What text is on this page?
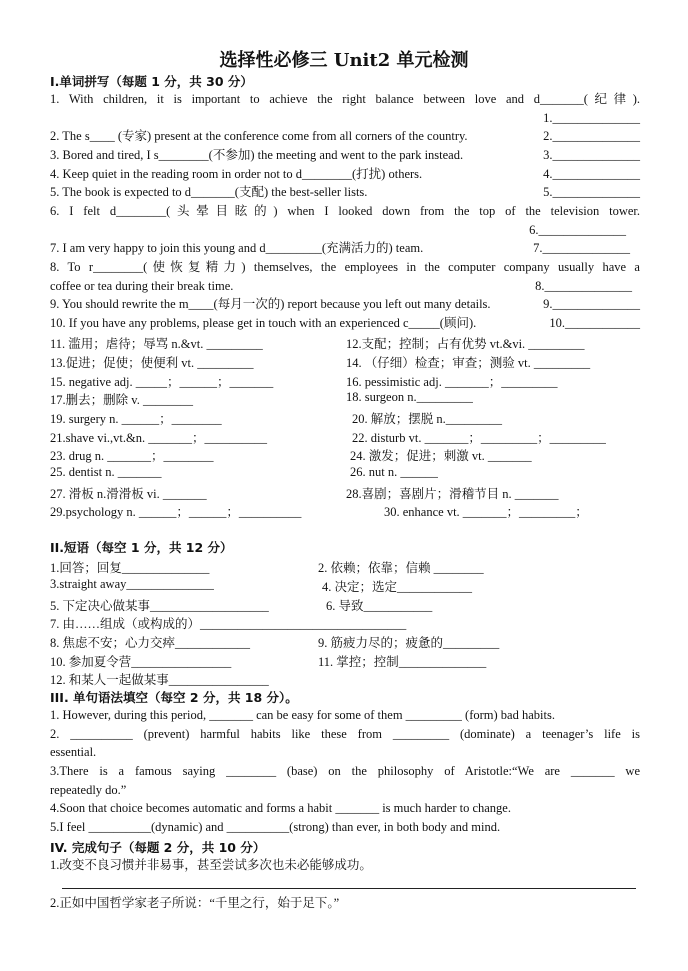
选择性必修三 Unit2 单元检测
I.单词拼写（每题 1 分，共 30 分）
1. With children, it is important to achieve the right balance between love and d_______(纪律).
1.______________
2. The s____ (专家) present at the conference come from all corners of the country.	2.______________
3. Bored and tired, I s________(不参加) the meeting and went to the park instead.	3.______________
4. Keep quiet in the reading room in order not to d________(打扰) others.	4.______________
5. The book is expected to d_______(支配) the best-seller lists.	5.______________
6. I felt d________(头晕目眩的) when I looked down from the top of the television tower.
6.______________
7. I am very happy to join this young and d_________(充满活力的) team.	7.______________
8. To r________(使恢复精力) themselves, the employees in the computer company usually have a
coffee or tea during their break time.	8.______________
9. You should rewrite the m____(每月一次的) report because you left out many details.	9.______________
10. If you have any problems, please get in touch with an experienced c_____(顾问).	10.____________
11. 滥用；虐待；辱骂 n.&vt. _________	12.支配；控制；占有优势 vt.&vi. _________
13.促进；促使；使便利 vt. _________	14. （仔细）检查；审查；测验 vt. _________
15. negative adj. _____；______；_______	16. pessimistic adj. _______；_________
17.删去；删除 v. ________	18. surgeon n._________
19. surgery n. ______；________	20. 解放；摆脱 n._________
21.shave vi.,vt.&n. _______；__________	22. disturb vt. _______；_________；_________
23. drug n. _______；________	24. 激发；促进；刺激 vt. _______
25. dentist n. _______	26. nut n. ______
27. 滑板 n.滑滑板 vi. _______	28.喜剧；喜剧片；滑稽节目 n. _______
29.psychology n. ______；______；__________	30. enhance vt. _______；_________；
II.短语（每空 1 分，共 12 分）
1.回答；回复______________	2. 依赖；依靠；信赖 ________
3.straight away______________	4. 决定；选定____________
5. 下定决心做某事___________________	6. 导致___________
7. 由……组成（或构成的）_________________________________
8. 焦虑不安；心力交瘁____________	9. 筋疲力尽的；疲惫的_________
10. 参加夏令营________________	11. 掌控；控制______________
12. 和某人一起做某事________________
III. 单句语法填空（每空 2 分，共 18 分）。
1. However, during this period, _______ can be easy for some of them _________ (form) bad habits.
2. __________ (prevent) harmful habits like these from _________ (dominate) a teenager’s life is
essential.
3.There is a famous saying ________ (base) on the philosophy of Aristotle:“We are _______ we
repeatedly do.”
4.Soon that choice becomes automatic and forms a habit _______ is much harder to change.
5.I feel __________(dynamic) and __________(strong) than ever, in both body and mind.
IV. 完成句子（每题 2 分，共 10 分）
1.改变不良习惯并非易事，甚至尝试多次也未必能够成功。
2.正如中国哲学家老子所说：“千里之行，始于足下。”
